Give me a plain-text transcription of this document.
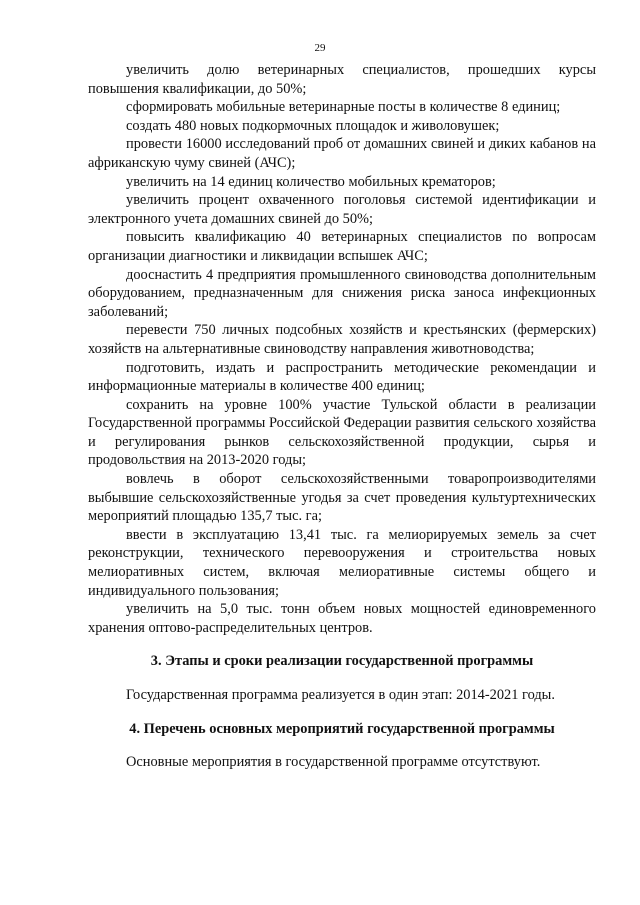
29

увеличить долю ветеринарных специалистов, прошедших курсы повышения квалификации, до 50%;

сформировать мобильные ветеринарные посты в количестве 8 единиц;

создать 480 новых подкормочных площадок и живоловушек;

провести 16000 исследований проб от домашних свиней и диких кабанов на африканскую чуму свиней (АЧС);

увеличить на 14 единиц количество мобильных крематоров;

увеличить процент охваченного поголовья системой идентификации и электронного учета домашних свиней до 50%;

повысить квалификацию 40 ветеринарных специалистов по вопросам организации диагностики и ликвидации вспышек АЧС;

дооснастить 4 предприятия промышленного свиноводства дополнительным оборудованием, предназначенным для снижения риска заноса инфекционных заболеваний;

перевести 750 личных подсобных хозяйств и крестьянских (фермерских) хозяйств на альтернативные свиноводству направления животноводства;

подготовить, издать и распространить методические рекомендации и информационные материалы в количестве 400 единиц;

сохранить на уровне 100% участие Тульской области в реализации Государственной программы Российской Федерации развития сельского хозяйства и регулирования рынков сельскохозяйственной продукции, сырья и продовольствия на 2013-2020 годы;

вовлечь в оборот сельскохозяйственными товаропроизводителями выбывшие сельскохозяйственные угодья за счет проведения культуртехнических мероприятий площадью 135,7 тыс. га;

ввести в эксплуатацию 13,41 тыс. га мелиорируемых земель за счет реконструкции, технического перевооружения и строительства новых мелиоративных систем, включая мелиоративные системы общего и индивидуального пользования;

увеличить на 5,0 тыс. тонн объем новых мощностей единовременного хранения оптово-распределительных центров.

3. Этапы и сроки реализации государственной программы

Государственная программа реализуется в один этап: 2014-2021 годы.

4. Перечень основных мероприятий государственной программы

Основные мероприятия в государственной программе отсутствуют.
